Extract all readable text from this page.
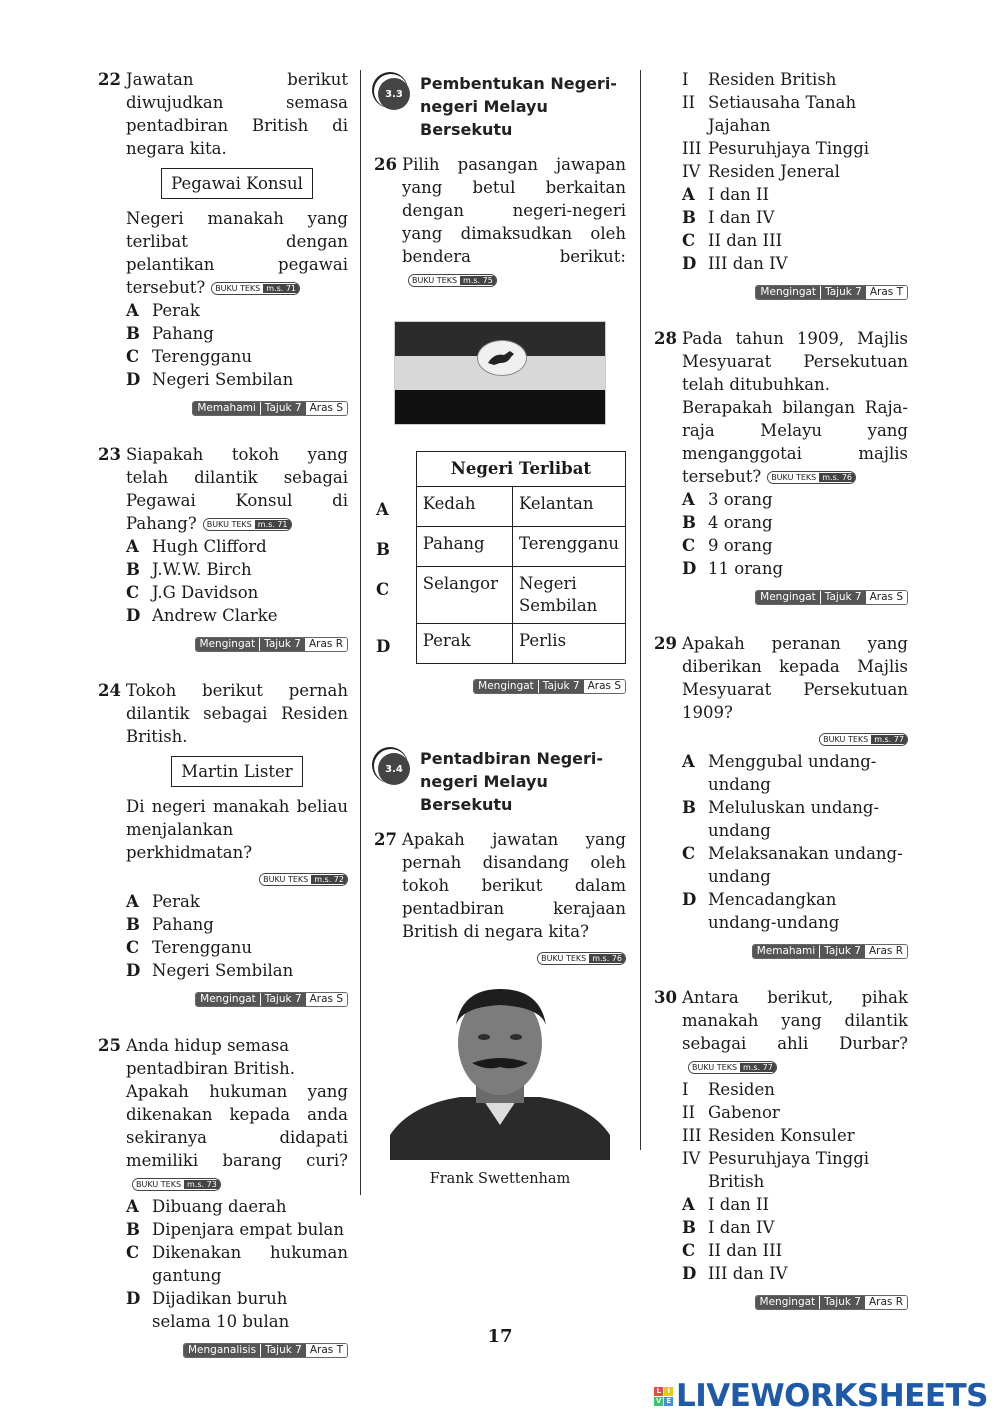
22 Jawatan berikut diwujudkan semasa pentadbiran British di negara kita.
Pegawai Konsul
Negeri manakah yang terlibat dengan pelantikan pegawai tersebut? BUKU TEKS m.s. 71
A Perak
B Pahang
C Terengganu
D Negeri Sembilan
Memahami Tajuk 7 Aras S
23 Siapakah tokoh yang telah dilantik sebagai Pegawai Konsul di Pahang? BUKU TEKS m.s. 71
A Hugh Clifford
B J.W.W. Birch
C J.G Davidson
D Andrew Clarke
Mengingat Tajuk 7 Aras R
24 Tokoh berikut pernah dilantik sebagai Residen British.
Martin Lister
Di negeri manakah beliau menjalankan perkhidmatan?
BUKU TEKS m.s. 72
A Perak
B Pahang
C Terengganu
D Negeri Sembilan
Mengingat Tajuk 7 Aras S
25 Anda hidup semasa pentadbiran British.
Apakah hukuman yang dikenakan kepada anda sekiranya didapati memiliki barang curi?BUKU TEKS m.s. 73
A Dibuang daerah
B Dipenjara empat bulan
C Dikenakan hukuman gantung
D Dijadikan buruh selama 10 bulan
Menganalisis Tajuk 7 Aras T
3.3
Pembentukan Negeri-negeri Melayu Bersekutu
26 Pilih pasangan jawapan yang betul berkaitan dengan negeri-negeri yang dimaksudkan oleh bendera berikut:BUKU TEKS m.s. 75
	Negeri Terlibat	
A	Kedah	Kelantan
B	Pahang	Terengganu
C	Selangor	Negeri Sembilan
D	Perak	Perlis
Mengingat Tajuk 7 Aras S
3.4
Pentadbiran Negeri-negeri Melayu Bersekutu
27 Apakah jawatan yang pernah disandang oleh tokoh berikut dalam pentadbiran kerajaan British di negara kita?
BUKU TEKS m.s. 76
Frank Swettenham
I	Residen British
II Setiausaha Tanah Jajahan
III Pesuruhjaya Tinggi
IV Residen Jeneral
A I dan II
B I dan IV
C II dan III
D III dan IV
Mengingat Tajuk 7 Aras T
28 Pada tahun 1909, Majlis Mesyuarat Persekutuan telah ditubuhkan.
Berapakah bilangan Raja-raja Melayu yang menganggotai majlis tersebut? BUKU TEKS m.s. 76
A 3 orang
B 4 orang
C 9 orang
D 11 orang
Mengingat Tajuk 7 Aras S
29 Apakah peranan yang diberikan kepada Majlis Mesyuarat Persekutuan 1909?
BUKU TEKS m.s. 77
A Menggubal undang-undang
B Meluluskan undang-undang
C Melaksanakan undang-undang
D Mencadangkan undang-undang
Memahami Tajuk 7 Aras R
30 Antara berikut, pihak manakah yang dilantik sebagai ahli Durbar?BUKU TEKS m.s. 77
I	Residen
II Gabenor
III Residen Konsuler
IV Pesuruhjaya Tinggi British
A I dan II
B I dan IV
C II dan III
D III dan IV
Mengingat Tajuk 7 Aras R
17
L I
V E LIVEWORKSHEETS
